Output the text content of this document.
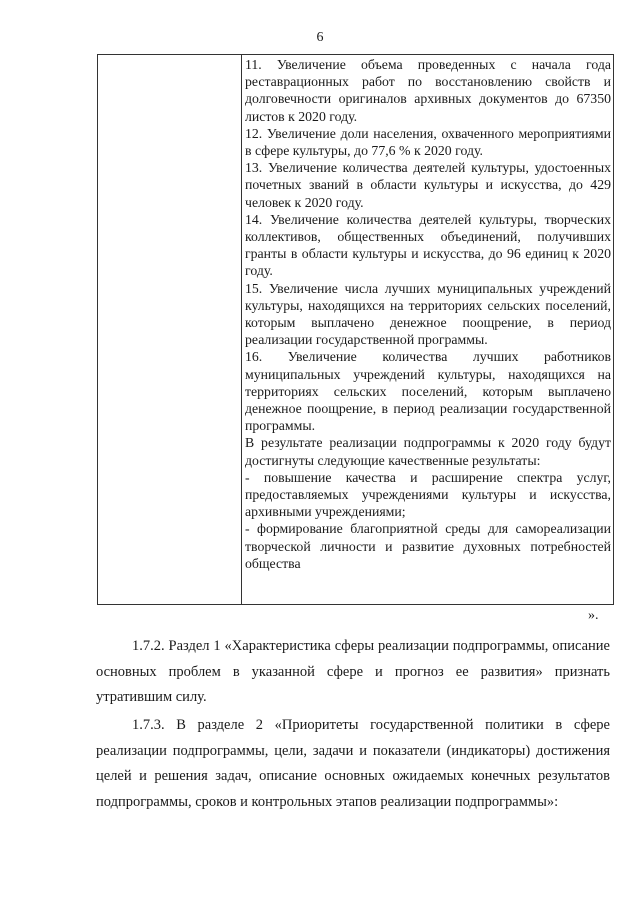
6

11. Увеличение объема проведенных с начала года реставрационных работ по восстановлению свойств и долговечности оригиналов архивных документов до 67350 листов к 2020 году.

12. Увеличение доли населения, охваченного мероприятиями в сфере культуры, до 77,6 % к 2020 году.

13. Увеличение количества деятелей культуры, удостоенных почетных званий в области культуры и искусства, до 429 человек к 2020 году.

14. Увеличение количества деятелей культуры, творческих коллективов, общественных объединений, получивших гранты в области культуры и искусства, до 96 единиц к 2020 году.

15. Увеличение числа лучших муниципальных учреждений культуры, находящихся на территориях сельских поселений, которым выплачено денежное поощрение, в период реализации государственной программы.

16. Увеличение количества лучших работников муниципальных учреждений культуры, находящихся на территориях сельских поселений, которым выплачено денежное поощрение, в период реализации государственной программы.

В результате реализации подпрограммы к 2020 году будут достигнуты следующие качественные результаты:

- повышение качества и расширение спектра услуг, предоставляемых учреждениями культуры и искусства, архивными учреждениями;

- формирование благоприятной среды для самореализации творческой личности и развитие духовных потребностей общества

».

1.7.2. Раздел 1 «Характеристика сферы реализации подпрограммы, описание основных проблем в указанной сфере и прогноз ее развития» признать утратившим силу.

1.7.3. В разделе 2 «Приоритеты государственной политики в сфере реализации подпрограммы, цели, задачи и показатели (индикаторы) достижения целей и решения задач, описание основных ожидаемых конечных результатов подпрограммы, сроков и контрольных этапов реализации подпрограммы»:
